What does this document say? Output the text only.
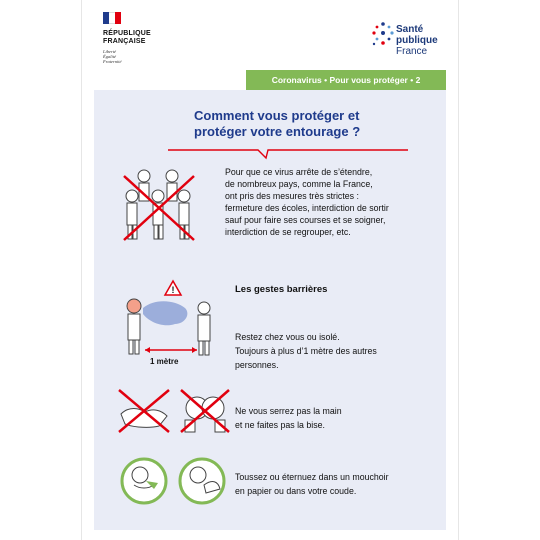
RÉPUBLIQUE
FRANÇAISE
Liberté
Égalité
Fraternité
Santé
publique
France
Coronavirus • Pour vous protéger • 2
Comment vous protéger et
protéger votre entourage ?
Pour que ce virus arrête de s’étendre,
de nombreux pays, comme la France,
ont pris des mesures très strictes :
fermeture des écoles, interdiction de sortir
sauf pour faire ses courses et se soigner,
interdiction de se regrouper, etc.
!
1 mètre
Les gestes barrières
Restez chez vous ou isolé.
Toujours à plus d’1 mètre des autres
personnes.
Ne vous serrez pas la main
et ne faites pas la bise.
Toussez ou éternuez dans un mouchoir
en papier ou dans votre coude.
